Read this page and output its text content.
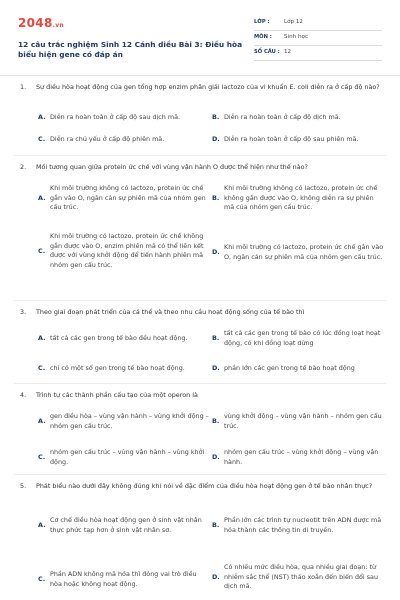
2048.vn
12 câu trắc nghiệm Sinh 12 Cánh diều Bài 3: Điều hòa biểu hiện gene có đáp án
LỚP :	Lớp 12
MÔN :	Sinh học
SỐ CÂU : 12
1. Sự điều hòa hoạt động của gen tổng hợp enzim phân giải lactozo của vi khuẩn E. coli diễn ra ở cấp độ nào?
A. Diễn ra hoàn toàn ở cấp độ sau dịch mã.	B. Diễn ra hoàn toàn ở cấp độ dịch mã.
C. Diễn ra chủ yếu ở cấp độ phiên mã.	D. Diễn ra hoàn toàn ở cấp độ sau phiên mã.
2. Mối tương quan giữa protein ức chế với vùng vận hành O được thể hiện như thế nào?
A.
Khi môi trường không có lactozo, protein ức chế gắn vào O, ngăn cản sự phiên mã của nhóm gen cấu trúc.
B.
Khi môi trường không có lactozo, protein ức chế không gắn được vào O, không diễn ra sự phiên mã của nhóm gen cấu trúc.
C.
Khi môi trường có lactozo, protein ức chế không gắn được vào O, enzim phiên mã có thể liên kết được với vùng khởi động để tiến hành phiên mã nhóm gen cấu trúc.
D.
Khi môi trường có lactozo, protein ức chế gắn vào O, ngăn cản sự phiên mã của nhóm gen cấu trúc.
3. Theo giai đoạn phát triển của cá thể và theo nhu cầu hoạt động sống của tế bào thì
A. tất cả các gen trong tế bào đều hoạt động.	B.
tất cả các gen trong tế bào có lúc đồng loạt hoạt động, có khi đồng loạt dừng
C. chỉ có một số gen trong tế bào hoạt động.	D. phần lớn các gen trong tế bào hoạt động
4. Trình tự các thành phần cấu tạo của một operon là
A.
gen điều hòa – vùng vận hành – vùng khởi động – nhóm gen cấu trúc.
B.
vùng khởi động – vùng vận hành – nhóm gen cấu trúc.
C.
nhóm gen cấu trúc – vùng vận hành – vùng khởi động.
D.
nhóm gen cấu trúc – vùng khởi động – vùng vận hành.
5. Phát biểu nào dưới đây không đúng khi nói về đặc điểm của điều hòa hoạt động gen ở tế bào nhân thực?
A.
Cơ chế điều hòa hoạt động gen ở sinh vật nhân thực phức tạp hơn ở sinh vật nhân sơ.
B.
Phần lớn các trình tự nucleotit trên ADN được mã hóa thành các thông tin di truyền.
C.
Phần ADN không mã hóa thì đóng vai trò điều hòa hoặc không hoạt động.
D.
Có nhiều mức điều hòa, qua nhiều giai đoạn: từ nhiễm sắc thể (NST) tháo xoắn đến biến đổi sau dịch mã.
